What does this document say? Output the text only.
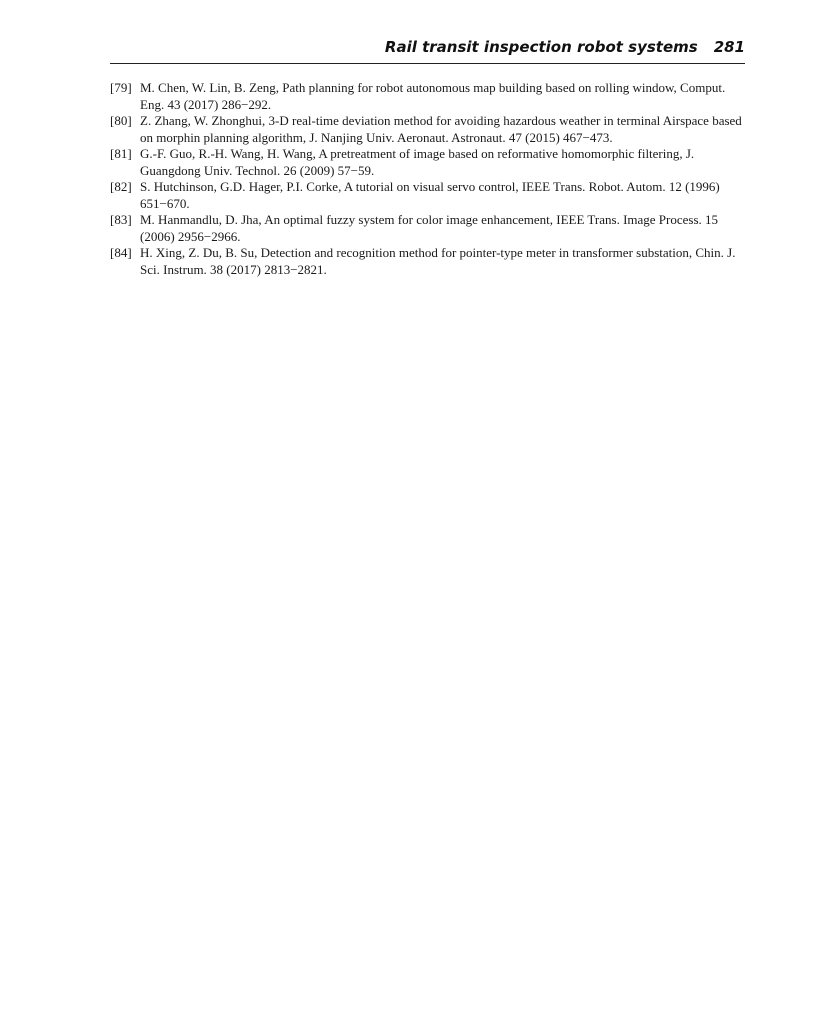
Rail transit inspection robot systems 281
[79] M. Chen, W. Lin, B. Zeng, Path planning for robot autonomous map building based on rolling window, Comput. Eng. 43 (2017) 286−292.
[80] Z. Zhang, W. Zhonghui, 3-D real-time deviation method for avoiding hazardous weather in terminal Airspace based on morphin planning algorithm, J. Nanjing Univ. Aeronaut. Astronaut. 47 (2015) 467−473.
[81] G.-F. Guo, R.-H. Wang, H. Wang, A pretreatment of image based on reformative homomorphic filtering, J. Guangdong Univ. Technol. 26 (2009) 57−59.
[82] S. Hutchinson, G.D. Hager, P.I. Corke, A tutorial on visual servo control, IEEE Trans. Robot. Autom. 12 (1996) 651−670.
[83] M. Hanmandlu, D. Jha, An optimal fuzzy system for color image enhancement, IEEE Trans. Image Process. 15 (2006) 2956−2966.
[84] H. Xing, Z. Du, B. Su, Detection and recognition method for pointer-type meter in transformer substation, Chin. J. Sci. Instrum. 38 (2017) 2813−2821.
